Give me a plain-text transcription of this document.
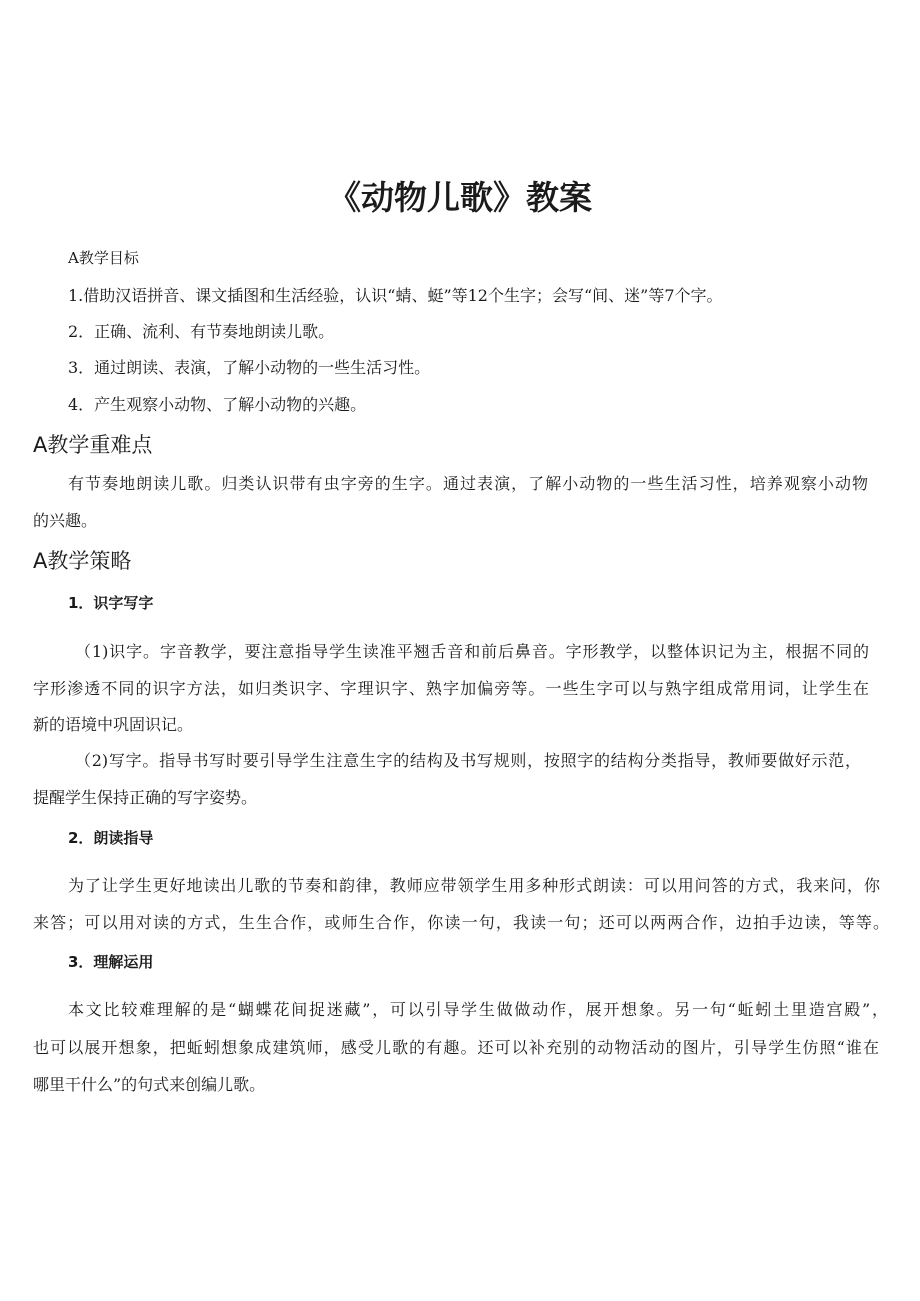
《动物儿歌》教案
A教学目标
1.借助汉语拼音、课文插图和生活经验，认识“蜻、蜓”等12个生字；会写“间、迷”等7个字。
2．正确、流利、有节奏地朗读儿歌。
3．通过朗读、表演，了解小动物的一些生活习性。
4．产生观察小动物、了解小动物的兴趣。
A教学重难点
有节奏地朗读儿歌。归类认识带有虫字旁的生字。通过表演，了解小动物的一些生活习性，培养观察小动物
的兴趣。
A教学策略
1．识字写字
（1)识字。字音教学，要注意指导学生读准平翘舌音和前后鼻音。字形教学，以整体识记为主，根据不同的
字形渗透不同的识字方法，如归类识字、字理识字、熟字加偏旁等。一些生字可以与熟字组成常用词，让学生在
新的语境中巩固识记。
（2)写字。指导书写时要引导学生注意生字的结构及书写规则，按照字的结构分类指导，教师要做好示范，
提醒学生保持正确的写字姿势。
2．朗读指导
为了让学生更好地读出儿歌的节奏和韵律，教师应带领学生用多种形式朗读：可以用问答的方式，我来问，你
来答；可以用对读的方式，生生合作，或师生合作，你读一句，我读一句；还可以两两合作，边拍手边读，等等。
3．理解运用
本文比较难理解的是“蝴蝶花间捉迷藏”，可以引导学生做做动作，展开想象。另一句“蚯蚓土里造宫殿”，
也可以展开想象，把蚯蚓想象成建筑师，感受儿歌的有趣。还可以补充别的动物活动的图片，引导学生仿照“谁在
哪里干什么”的句式来创编儿歌。
